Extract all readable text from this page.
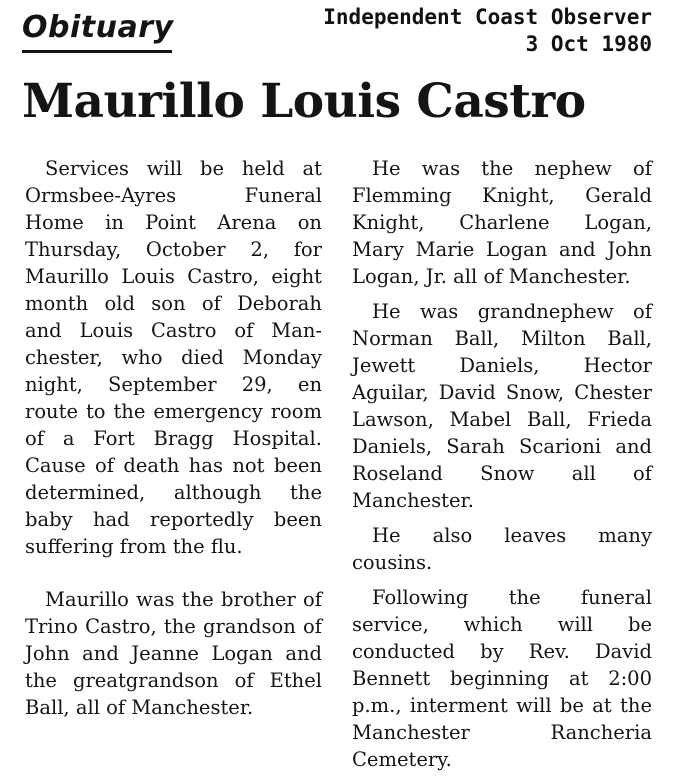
Obituary	Independent Coast Observer
3 Oct 1980
Maurillo Louis Castro

Services will be held at Ormsbee-Ayres Funeral Home in Point Arena on Thursday, October 2, for Maurillo Louis Castro, eight month old son of Deborah and Louis Castro of Manchester, who died Monday night, September 29, en route to the emergency room of a Fort Bragg Hospital. Cause of death has not been determined, although the baby had reportedly been suffering from the flu.

Maurillo was the brother of Trino Castro, the grandson of John and Jeanne Logan and the greatgrandson of Ethel Ball, all of Manchester.

He was the nephew of Flemming Knight, Gerald Knight, Charlene Logan, Mary Marie Logan and John Logan, Jr. all of Manchester.

He was grandnephew of Norman Ball, Milton Ball, Jewett Daniels, Hector Aguilar, David Snow, Chester Lawson, Mabel Ball, Frieda Daniels, Sarah Scarioni and Roseland Snow all of Manchester.

He also leaves many cousins.

Following the funeral service, which will be conducted by Rev. David Bennett beginning at 2:00 p.m., interment will be at the Manchester Rancheria Cemetery.
